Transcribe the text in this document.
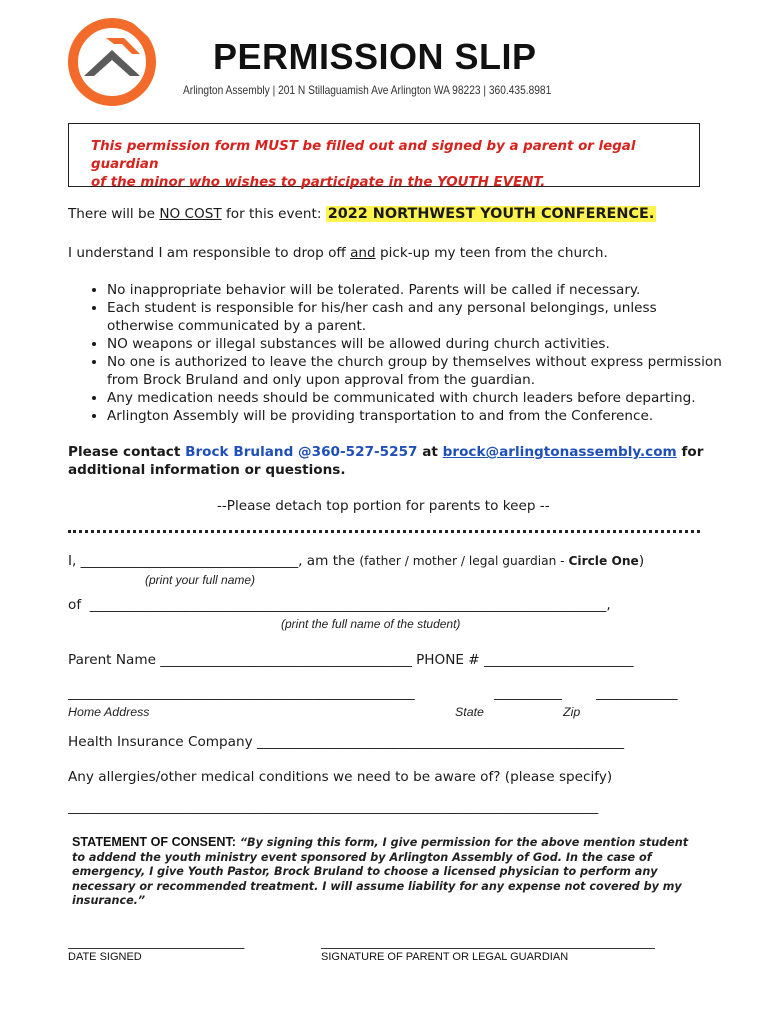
PERMISSION SLIP
Arlington Assembly | 201 N Stillaguamish Ave Arlington WA 98223 | 360.435.8981
This permission form MUST be filled out and signed by a parent or legal guardian
of the minor who wishes to participate in the YOUTH EVENT.
There will be NO COST for this event: 2022 NORTHWEST YOUTH CONFERENCE.
I understand I am responsible to drop off and pick-up my teen from the church.
• No inappropriate behavior will be tolerated. Parents will be called if necessary.
• Each student is responsible for his/her cash and any personal belongings, unless otherwise communicated by a parent.
• NO weapons or illegal substances will be allowed during church activities.
• No one is authorized to leave the church group by themselves without express permission from Brock Bruland and only upon approval from the guardian.
• Any medication needs should be communicated with church leaders before departing.
• Arlington Assembly will be providing transportation to and from the Conference.
Please contact Brock Bruland @360-527-5257 at brock@arlingtonassembly.com for
additional information or questions.
--Please detach top portion for parents to keep --
I, ________________________________, am the (father / mother / legal guardian - Circle One)
(print your full name)
of ____________________________________________________________________________,
(print the full name of the student)
Parent Name _____________________________________ PHONE # ______________________
___________________________________________________	__________	____________
Home Address	State	Zip
Health Insurance Company ______________________________________________________
Any allergies/other medical conditions we need to be aware of? (please specify)
______________________________________________________________________________
STATEMENT OF CONSENT: “By signing this form, I give permission for the above mention student to addend the youth ministry event sponsored by Arlington Assembly of God. In the case of emergency, I give Youth Pastor, Brock Bruland to choose a licensed physician to perform any necessary or recommended treatment. I will assume liability for any expense not covered by my insurance.”
____________________________	_____________________________________________________
DATE SIGNED	SIGNATURE OF PARENT OR LEGAL GUARDIAN
